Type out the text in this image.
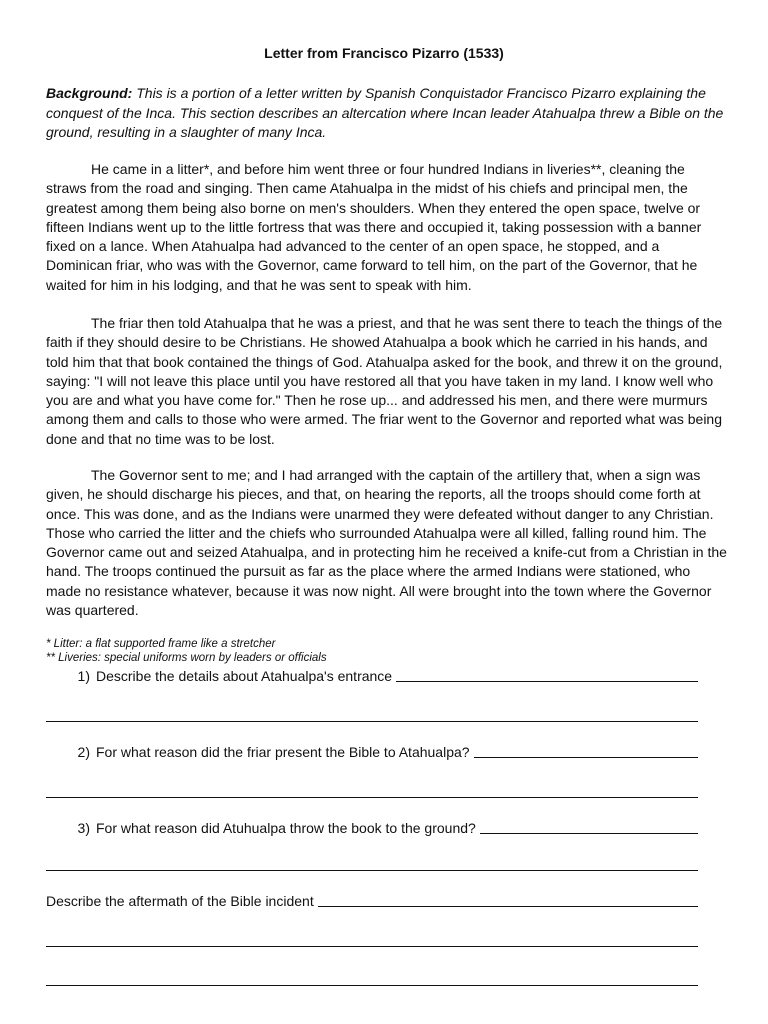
Letter from Francisco Pizarro (1533)

Background: This is a portion of a letter written by Spanish Conquistador Francisco Pizarro explaining the conquest of the Inca. This section describes an altercation where Incan leader Atahualpa threw a Bible on the ground, resulting in a slaughter of many Inca.

He came in a litter*, and before him went three or four hundred Indians in liveries**, cleaning the straws from the road and singing. Then came Atahualpa in the midst of his chiefs and principal men, the greatest among them being also borne on men's shoulders. When they entered the open space, twelve or fifteen Indians went up to the little fortress that was there and occupied it, taking possession with a banner fixed on a lance. When Atahualpa had advanced to the center of an open space, he stopped, and a Dominican friar, who was with the Governor, came forward to tell him, on the part of the Governor, that he waited for him in his lodging, and that he was sent to speak with him.

The friar then told Atahualpa that he was a priest, and that he was sent there to teach the things of the faith if they should desire to be Christians. He showed Atahualpa a book which he carried in his hands, and told him that that book contained the things of God. Atahualpa asked for the book, and threw it on the ground, saying: "I will not leave this place until you have restored all that you have taken in my land. I know well who you are and what you have come for." Then he rose up... and addressed his men, and there were murmurs among them and calls to those who were armed. The friar went to the Governor and reported what was being done and that no time was to be lost.

The Governor sent to me; and I had arranged with the captain of the artillery that, when a sign was given, he should discharge his pieces, and that, on hearing the reports, all the troops should come forth at once. This was done, and as the Indians were unarmed they were defeated without danger to any Christian. Those who carried the litter and the chiefs who surrounded Atahualpa were all killed, falling round him. The Governor came out and seized Atahualpa, and in protecting him he received a knife-cut from a Christian in the hand. The troops continued the pursuit as far as the place where the armed Indians were stationed, who made no resistance whatever, because it was now night. All were brought into the town where the Governor was quartered.

* Litter: a flat supported frame like a stretcher
** Liveries: special uniforms worn by leaders or officials
1) Describe the details about Atahualpa's entrance
2) For what reason did the friar present the Bible to Atahualpa?
3) For what reason did Atuhualpa throw the book to the ground?
Describe the aftermath of the Bible incident
